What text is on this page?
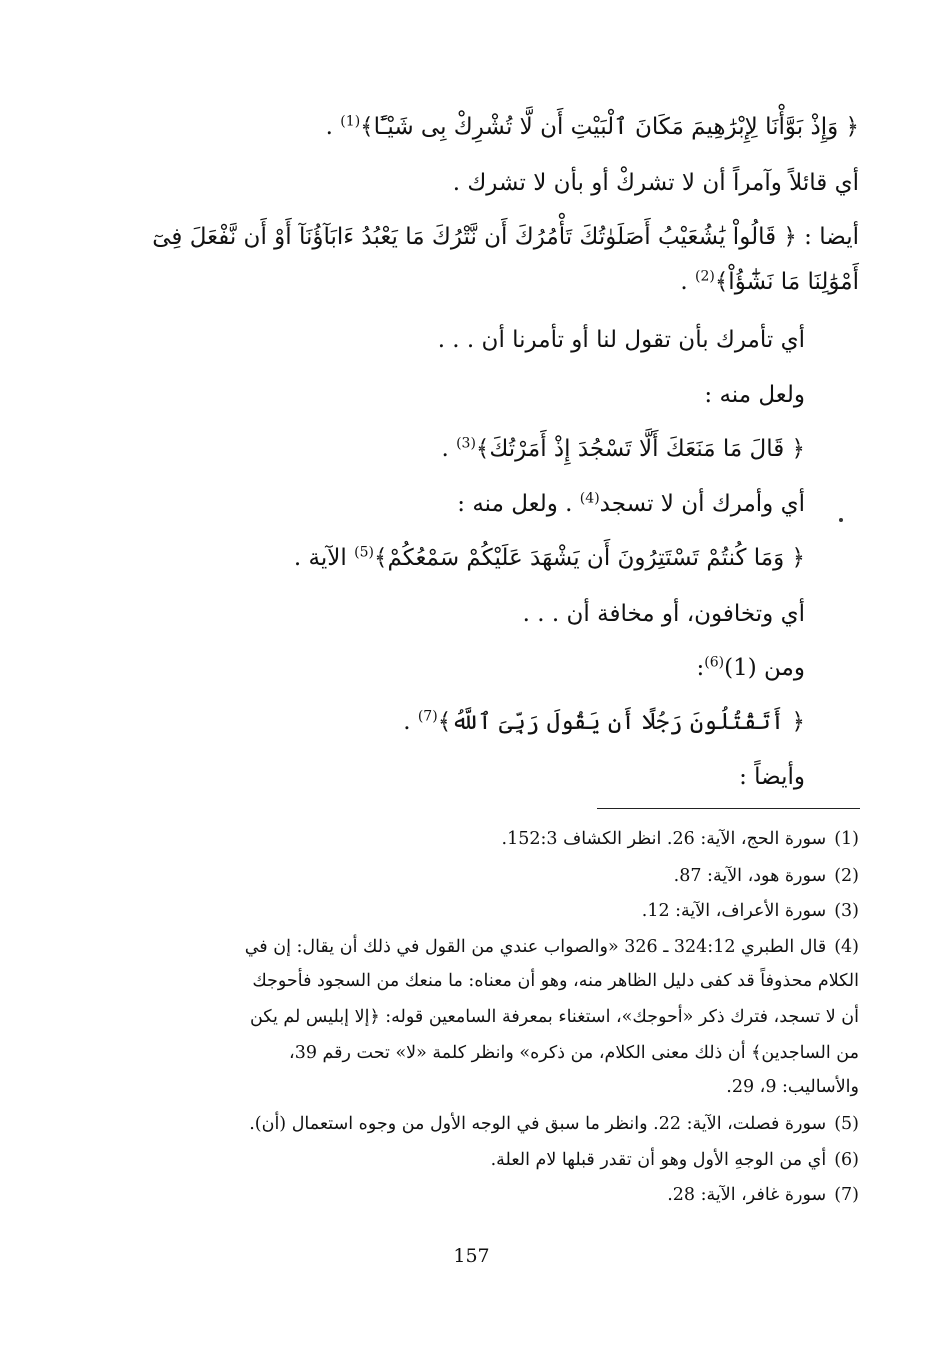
﴿ وَإِذْ بَوَّأْنَا لِإِبْرَٰهِيمَ مَكَانَ ٱلْبَيْتِ أَن لَّا تُشْرِكْ بِى شَيْـًٔا﴾$^{(1)}$ .
أي قائلاً وآمراً أن لا تشركْ أو بأن لا تشرك .
أيضا : ﴿ قَالُواْ يَٰشُعَيْبُ أَصَلَوٰتُكَ تَأْمُرُكَ أَن نَّتْرُكَ مَا يَعْبُدُ ءَابَآؤُنَآ أَوْ أَن نَّفْعَلَ فِىٓ
أَمْوَٰلِنَا مَا نَشَٰٓؤُاْ﴾$^{(2)}$ .
أي تأمرك بأن تقول لنا أو تأمرنا أن . . .
ولعل منه :
﴿ قَالَ مَا مَنَعَكَ أَلَّا تَسْجُدَ إِذْ أَمَرْتُكَ﴾$^{(3)}$ .
أي وأمرك أن لا تسجد$^{(4)}$ . ولعل منه :
﴿ وَمَا كُنتُمْ تَسْتَتِرُونَ أَن يَشْهَدَ عَلَيْكُمْ سَمْعُكُمْ﴾$^{(5)}$ الآية .
أي وتخافون، أو مخافة أن . . .
ومن $(1)^{(6)}$:
﴿ أَتَقْتُلُونَ رَجُلًا أَن يَقُولَ رَبِّىَ ٱللَّهُ﴾$^{(7)}$ .
وأيضاً :
(1)سورة الحج، الآية: 26. انظر الكشاف 152:3.
(2)سورة هود، الآية: 87.
(3)سورة الأعراف، الآية: 12.
(4)قال الطبري 324:12 ـ 326 «والصواب عندي من القول في ذلك أن يقال: إن في
الكلام محذوفاً قد كفى دليل الظاهر منه، وهو أن معناه: ما منعك من السجود فأحوجك
أن لا تسجد، فترك ذكر «أحوجك»، استغناء بمعرفة السامعين قوله: ﴿إلا إبليس لم يكن
من الساجدين﴾ أن ذلك معنى الكلام، من ذكره» وانظر كلمة «لا» تحت رقم 39،
والأساليب: 9، 29.
(5)سورة فصلت، الآية: 22. وانظر ما سبق في الوجه الأول من وجوه استعمال (أن).
(6)أي من الوجهِ الأول وهو أن تقدر قبلها لام العلة.
(7)سورة غافر، الآية: 28.
157
